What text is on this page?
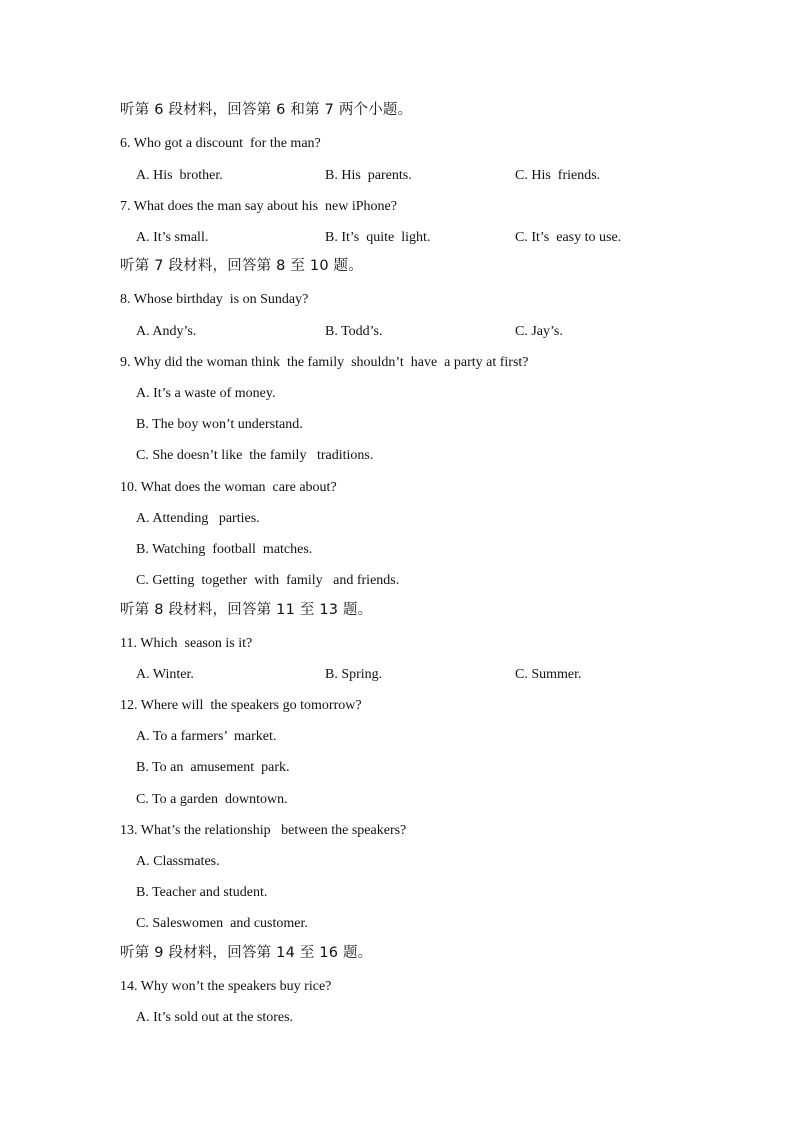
听第 6 段材料，回答第 6 和第 7 两个小题。
6. Who got a discount  for the man?
A. His  brother.	B. His  parents.	C. His  friends.
7. What does the man say about his  new iPhone?
A. It’s small.	B. It’s  quite  light.	C. It’s  easy to use.
听第 7 段材料，回答第 8 至 10 题。
8. Whose birthday  is on Sunday?
A. Andy’s.	B. Todd’s.	C. Jay’s.
9. Why did the woman think  the family  shouldn’t  have  a party at first?
A. It’s a waste of money.
B. The boy won’t understand.
C. She doesn’t like  the family   traditions.
10. What does the woman  care about?
A. Attending   parties.
B. Watching  football  matches.
C. Getting  together  with  family   and friends.
听第 8 段材料，回答第 11 至 13 题。
11. Which  season is it?
A. Winter.	B. Spring.	C. Summer.
12. Where will  the speakers go tomorrow?
A. To a farmers’  market.
B. To an  amusement  park.
C. To a garden  downtown.
13. What’s the relationship   between the speakers?
A. Classmates.
B. Teacher and student.
C. Saleswomen  and customer.
听第 9 段材料，回答第 14 至 16 题。
14. Why won’t the speakers buy rice?
A. It’s sold out at the stores.
